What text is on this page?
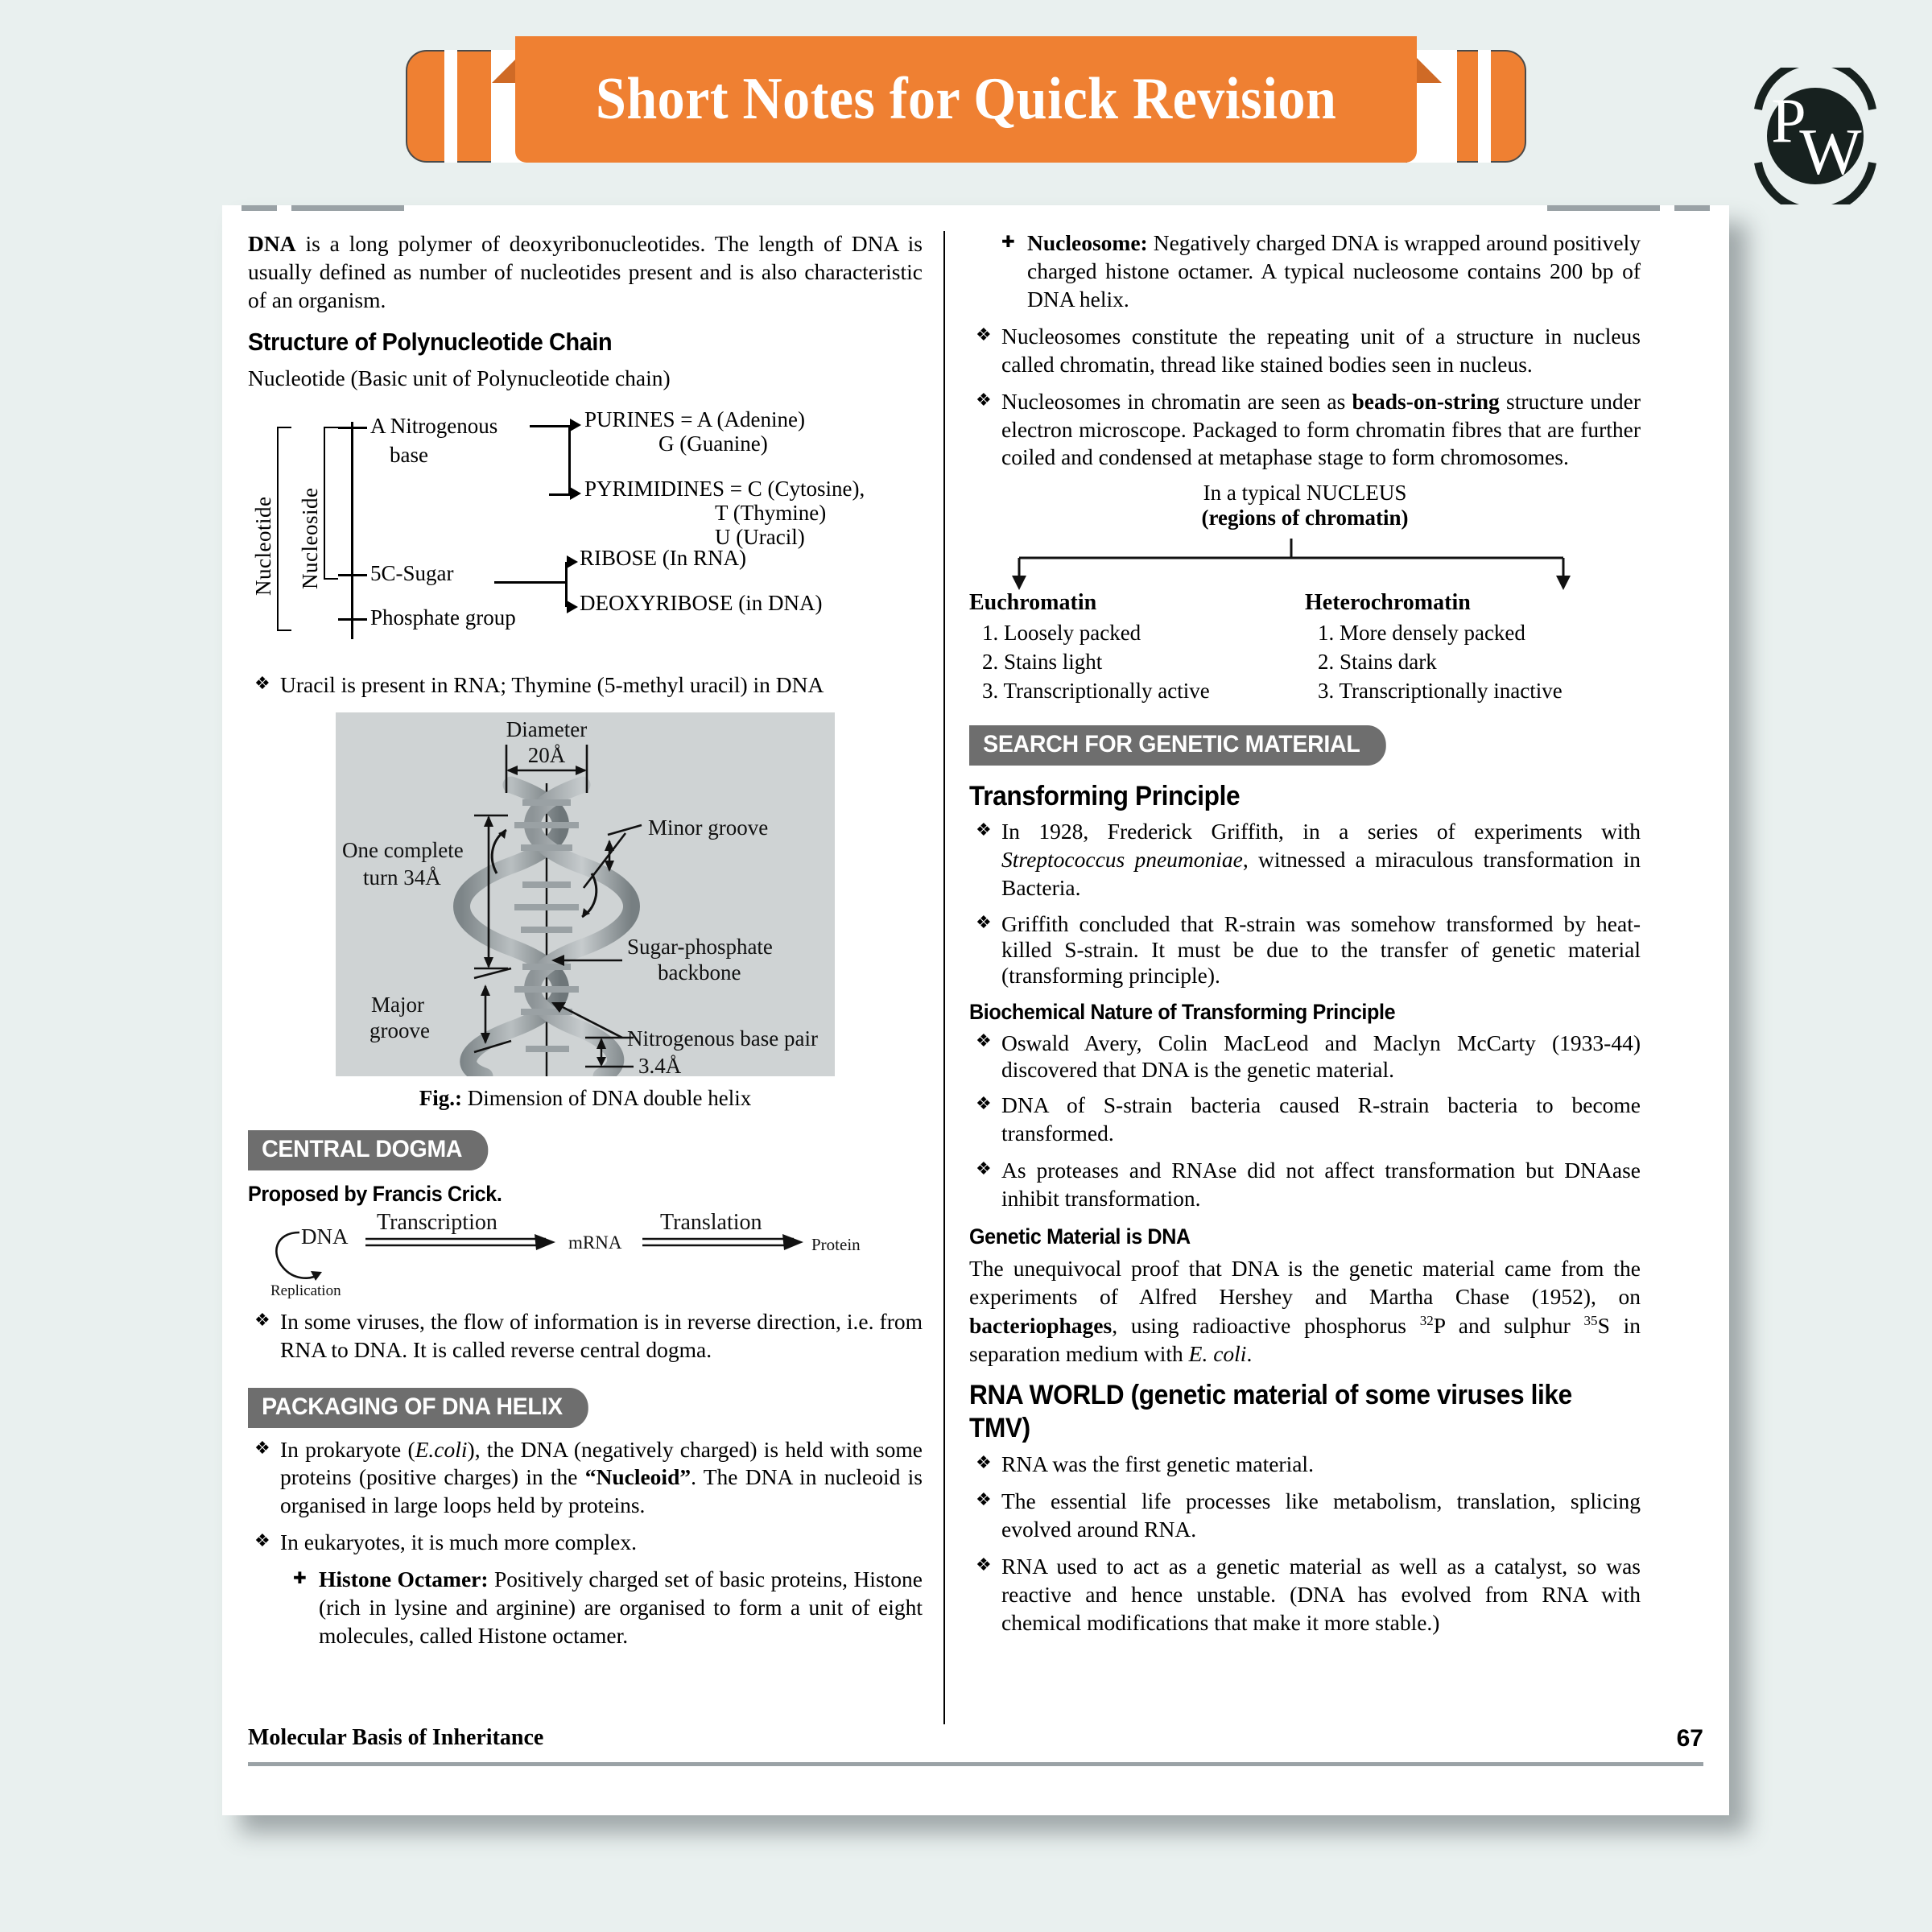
Short Notes for Quick Revision	P
W

DNA is a long polymer of deoxyribonucleotides. The length of DNA is usually defined as number of nucleotides present and is also characteristic of an organism.

Structure of Polynucleotide Chain

Nucleotide (Basic unit of Polynucleotide chain)

Nucleotide Nucleoside
A Nitrogenous
base
5C-Sugar
Phosphate group
PURINES = A (Adenine)
G (Guanine)
PYRIMIDINES = C (Cytosine),
T (Thymine)
U (Uracil)
RIBOSE (In RNA)
DEOXYRIBOSE (in DNA)
❖ Uracil is present in RNA; Thymine (5-methyl uracil) in DNA
Diameter
20Å
One complete
turn 34Å
Minor groove
Sugar-phosphate
backbone
Major
groove	Nitrogenous base pair
3.4Å

Fig.: Dimension of DNA double helix

CENTRAL DOGMA
Proposed by Francis Crick.
DNA
Replication
Transcription
mRNA
Translation
Protein
❖ In some viruses, the flow of information is in reverse direction, i.e. from RNA to DNA. It is called reverse central dogma.
PACKAGING OF DNA HELIX
❖ In prokaryote (E.coli), the DNA (negatively charged) is held with some proteins (positive charges) in the “Nucleoid”. The DNA in nucleoid is organised in large loops held by proteins.
❖ In eukaryotes, it is much more complex.
✚ Histone Octamer: Positively charged set of basic proteins, Histone (rich in lysine and arginine) are organised to form a unit of eight molecules, called Histone octamer.
✚ Nucleosome: Negatively charged DNA is wrapped around positively charged histone octamer. A typical nucleosome contains 200 bp of DNA helix.
❖ Nucleosomes constitute the repeating unit of a structure in nucleus called chromatin, thread like stained bodies seen in nucleus.
❖ Nucleosomes in chromatin are seen as beads-on-string structure under electron microscope. Packaged to form chromatin fibres that are further coiled and condensed at metaphase stage to form chromosomes.
In a typical NUCLEUS
(regions of chromatin)
Euchromatin
1. Loosely packed
2. Stains light
3. Transcriptionally active
Heterochromatin
1. More densely packed
2. Stains dark
3. Transcriptionally inactive
SEARCH FOR GENETIC MATERIAL
Transforming Principle
❖ In 1928, Frederick Griffith, in a series of experiments with Streptococcus pneumoniae, witnessed a miraculous transformation in Bacteria.
❖ Griffith concluded that R-strain was somehow transformed by heat-killed S-strain. It must be due to the transfer of genetic material (transforming principle).
Biochemical Nature of Transforming Principle
❖ Oswald Avery, Colin MacLeod and Maclyn McCarty (1933-44) discovered that DNA is the genetic material.
❖ DNA of S-strain bacteria caused R-strain bacteria to become transformed.
❖ As proteases and RNAse did not affect transformation but DNAase inhibit transformation.
Genetic Material is DNA

The unequivocal proof that DNA is the genetic material came from the experiments of Alfred Hershey and Martha Chase (1952), on bacteriophages, using radioactive phosphorus $^{32}$P and sulphur $^{35}$S in separation medium with E. coli.

RNA WORLD (genetic material of some viruses like TMV)
❖ RNA was the first genetic material.
❖ The essential life processes like metabolism, translation, splicing evolved around RNA.
❖ RNA used to act as a genetic material as well as a catalyst, so was reactive and hence unstable. (DNA has evolved from RNA with chemical modifications that make it more stable.)
Molecular Basis of Inheritance	67
